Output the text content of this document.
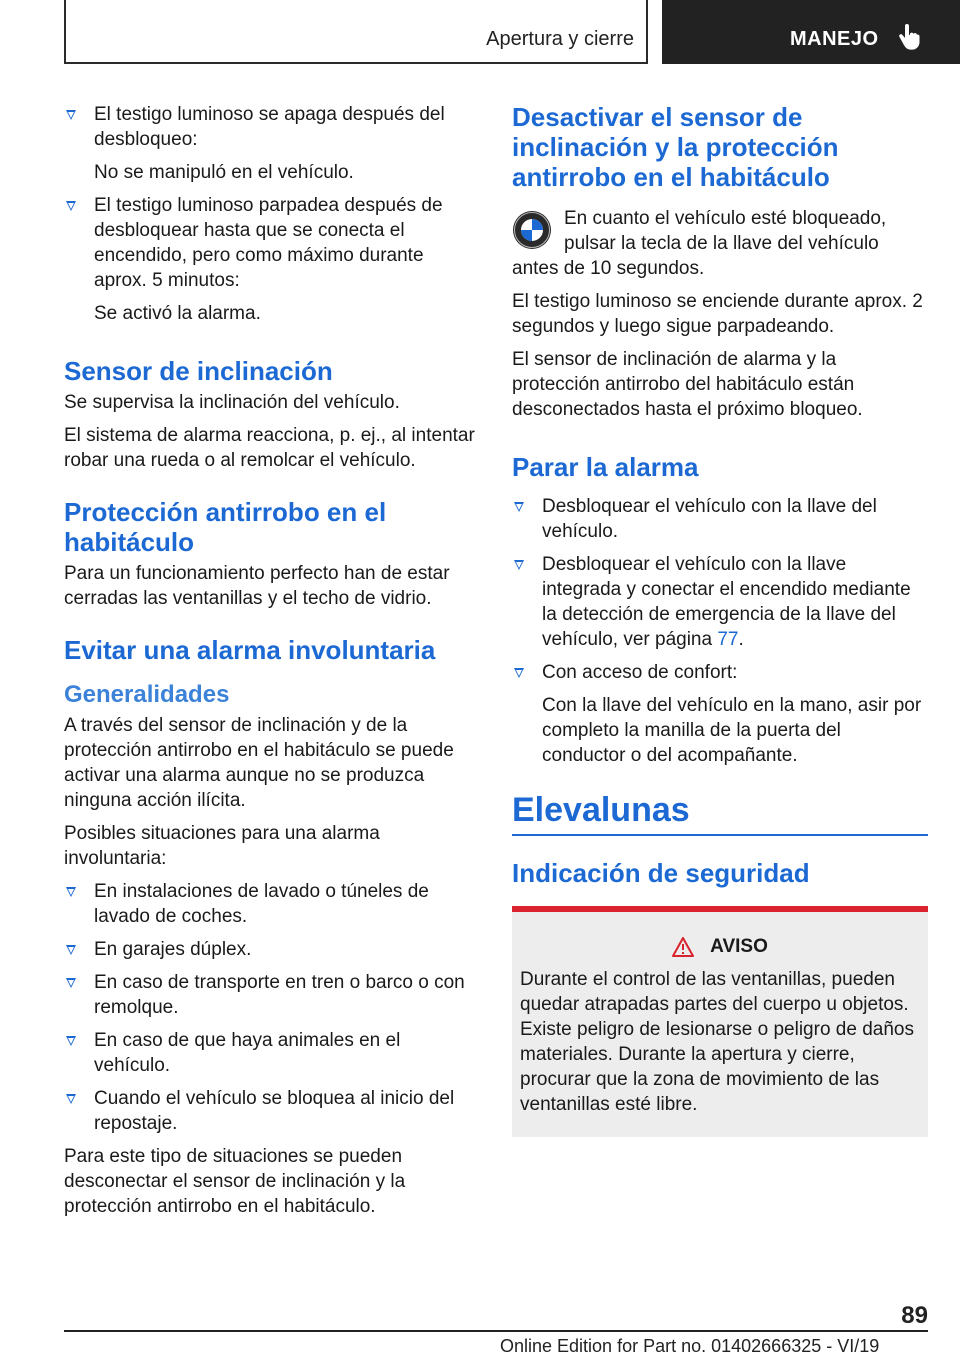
Apertura y cierre	MANEJO
El testigo luminoso se apaga después del desbloqueo:

No se manipuló en el vehículo.

El testigo luminoso parpadea después de desbloquear hasta que se conecta el encendido, pero como máximo durante aprox. 5 minutos:

Se activó la alarma.

Sensor de inclinación

Se supervisa la inclinación del vehículo.

El sistema de alarma reacciona, p. ej., al intentar robar una rueda o al remolcar el vehículo.

Protección antirrobo en el habitáculo

Para un funcionamiento perfecto han de estar cerradas las ventanillas y el techo de vidrio.

Evitar una alarma involuntaria
Generalidades

A través del sensor de inclinación y de la protección antirrobo en el habitáculo se puede activar una alarma aunque no se produzca ninguna acción ilícita.

Posibles situaciones para una alarma involuntaria:

En instalaciones de lavado o túneles de lavado de coches.
En garajes dúplex.
En caso de transporte en tren o barco o con remolque.
En caso de que haya animales en el vehículo.
Cuando el vehículo se bloquea al inicio del repostaje.

Para este tipo de situaciones se pueden desconectar el sensor de inclinación y la protección antirrobo en el habitáculo.

Desactivar el sensor de inclinación y la protección antirrobo en el habitáculo

En cuanto el vehículo esté bloqueado, pulsar la tecla de la llave del vehículo antes de 10 segundos.

El testigo luminoso se enciende durante aprox. 2 segundos y luego sigue parpadeando.

El sensor de inclinación de alarma y la protección antirrobo del habitáculo están desconectados hasta el próximo bloqueo.

Parar la alarma
Desbloquear el vehículo con la llave del vehículo.
Desbloquear el vehículo con la llave integrada y conectar el encendido mediante la detección de emergencia de la llave del vehículo, ver página 77.
Con acceso de confort:

Con la llave del vehículo en la mano, asir por completo la manilla de la puerta del conductor o del acompañante.

Elevalunas
Indicación de seguridad
AVISO

Durante el control de las ventanillas, pueden quedar atrapadas partes del cuerpo u objetos. Existe peligro de lesionarse o peligro de daños materiales. Durante la apertura y cierre, procurar que la zona de movimiento de las ventanillas esté libre.

89
Online Edition for Part no. 01402666325 - VI/19
